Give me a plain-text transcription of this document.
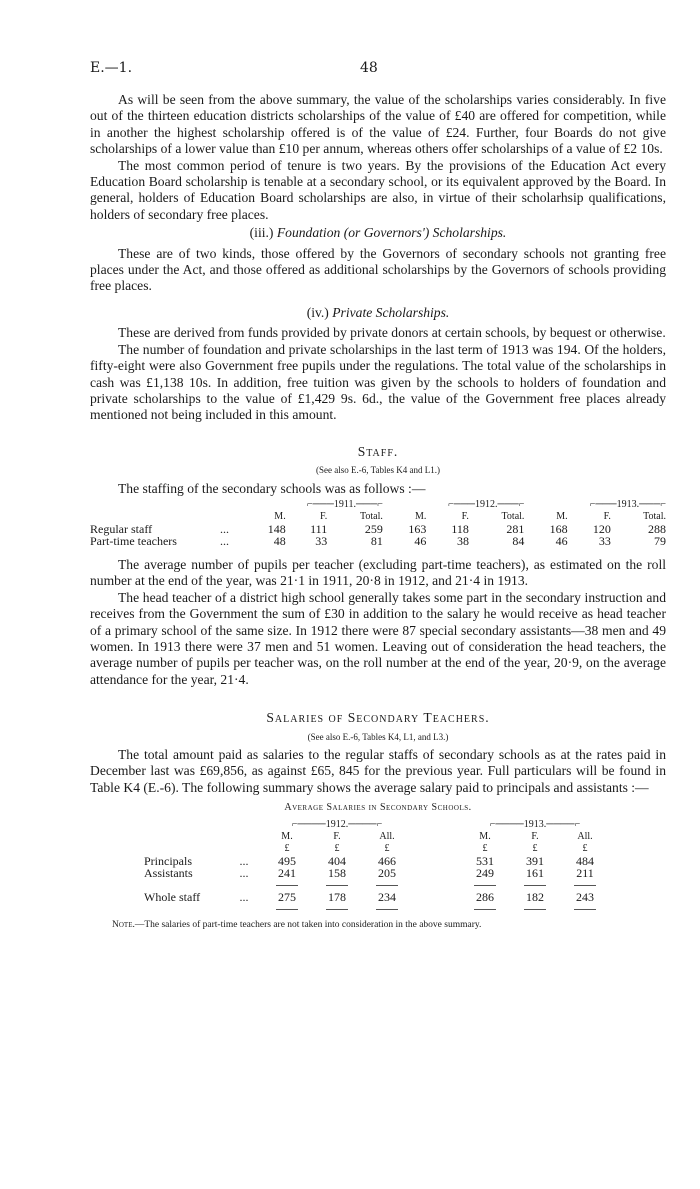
E.—1.	48

As will be seen from the above summary, the value of the scholarships varies considerably. In five out of the thirteen education districts scholarships of the value of £40 are offered for competition, while in another the highest scholarship offered is of the value of £24. Further, four Boards do not give scholarships of a lower value than £10 per annum, whereas others offer scholarships of a value of £2 10s.

The most common period of tenure is two years. By the provisions of the Education Act every Education Board scholarship is tenable at a secondary school, or its equivalent approved by the Board. In general, holders of Education Board scholarships are also, in virtue of their scholarhsip qualifications, holders of secondary free places.

(iii.) Foundation (or Governors') Scholarships.

These are of two kinds, those offered by the Governors of secondary schools not granting free places under the Act, and those offered as additional scholarships by the Governors of schools providing free places.

(iv.) Private Scholarships.

These are derived from funds provided by private donors at certain schools, by bequest or otherwise.

The number of foundation and private scholarships in the last term of 1913 was 194. Of the holders, fifty-eight were also Government free pupils under the regulations. The total value of the scholarships in cash was £1,138 10s. In addition, free tuition was given by the schools to holders of foundation and private scholarships to the value of £1,429 9s. 6d., the value of the Government free places already mentioned not being included in this amount.

Staff.
(See also E.-6, Tables K4 and L1.)

The staffing of the secondary schools was as follows :—

		⌐───1911.───⌐			⌐───1912.───⌐			⌐───1913.───⌐		
		M.	F.	Total.	M.	F.	Total.	M.	F.	Total.
Regular staff	...	148	111	259	163	118	281	168	120	288
Part-time teachers	...	48	33	81	46	38	84	46	33	79

The average number of pupils per teacher (excluding part-time teachers), as estimated on the roll number at the end of the year, was 21·1 in 1911, 20·8 in 1912, and 21·4 in 1913.

The head teacher of a district high school generally takes some part in the secondary instruction and receives from the Government the sum of £30 in addition to the salary he would receive as head teacher of a primary school of the same size. In 1912 there were 87 special secondary assistants—38 men and 49 women. In 1913 there were 37 men and 51 women. Leaving out of consideration the head teachers, the average number of pupils per teacher was, on the roll number at the end of the year, 20·9, on the average attendance for the year, 21·4.

Salaries of Secondary Teachers.
(See also E.-6, Tables K4, L1, and L3.)

The total amount paid as salaries to the regular staffs of secondary schools as at the rates paid in December last was £69,856, as against £65, 845 for the previous year. Full particulars will be found in Table K4 (E.-6). The following summary shows the average salary paid to principals and assistants :—

Average Salaries in Secondary Schools.
		⌐────1912.────⌐				⌐────1913.────⌐		
		M.	F.	All.		M.	F.	All.
		£	£	£		£	£	£
Principals	...	495	404	466		531	391	484
Assistants	...	241	158	205		249	161	211

Whole staff	...	275	178	234		286	182	243

Note.—The salaries of part-time teachers are not taken into consideration in the above summary.
